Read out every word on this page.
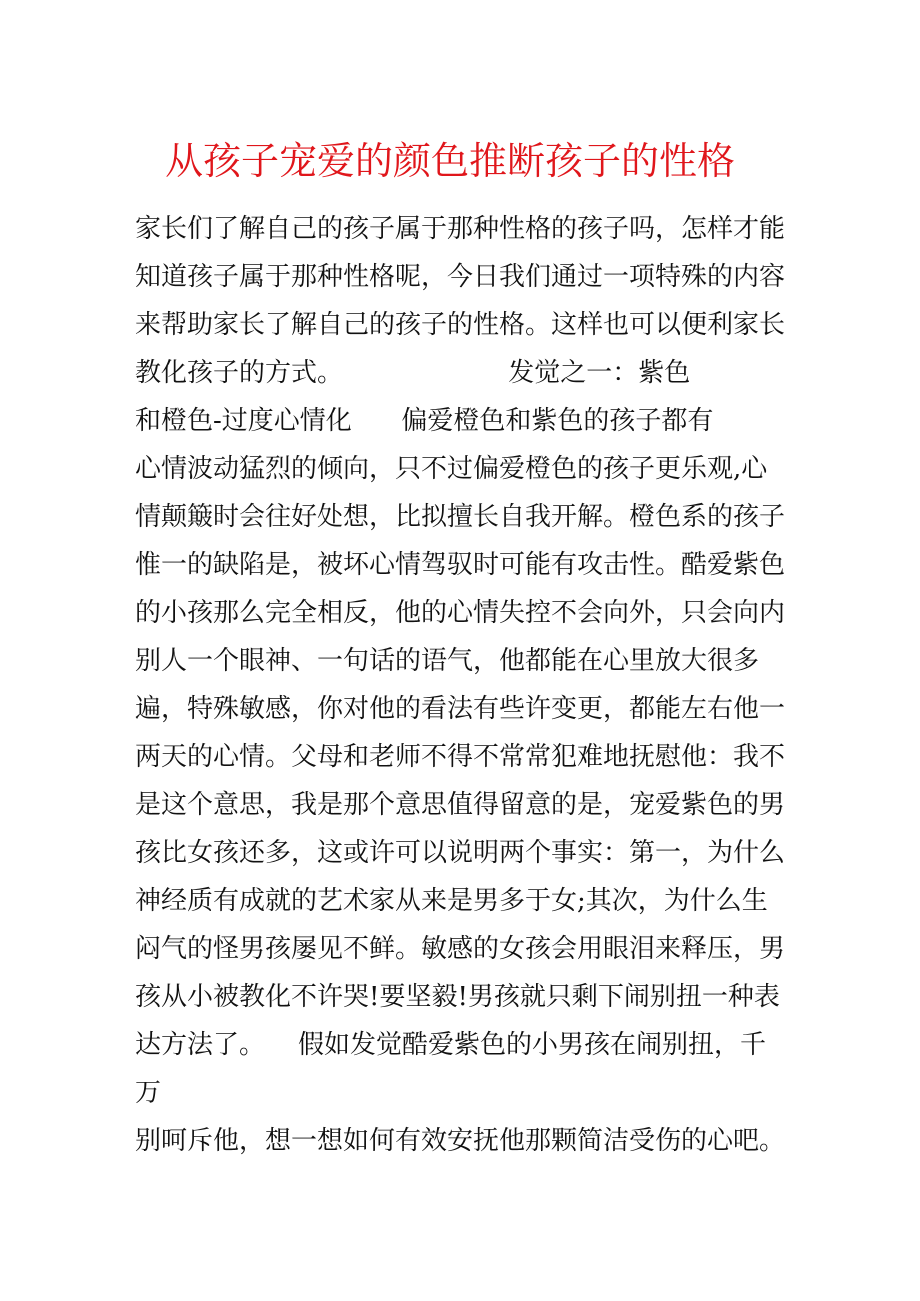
从孩子宠爱的颜色推断孩子的性格
家长们了解自己的孩子属于那种性格的孩子吗，怎样才能
知道孩子属于那种性格呢，今日我们通过一项特殊的内容
来帮助家长了解自己的孩子的性格。这样也可以便利家长
教化孩子的方式。                    发觉之一：紫色
和橙色-过度心情化      偏爱橙色和紫色的孩子都有
心情波动猛烈的倾向，只不过偏爱橙色的孩子更乐观,心
情颠簸时会往好处想，比拟擅长自我开解。橙色系的孩子
惟一的缺陷是，被坏心情驾驭时可能有攻击性。酷爱紫色
的小孩那么完全相反，他的心情失控不会向外，只会向内
别人一个眼神、一句话的语气，他都能在心里放大很多
遍，特殊敏感，你对他的看法有些许变更，都能左右他一
两天的心情。父母和老师不得不常常犯难地抚慰他：我不
是这个意思，我是那个意思值得留意的是，宠爱紫色的男
孩比女孩还多，这或许可以说明两个事实：第一，为什么
神经质有成就的艺术家从来是男多于女;其次，为什么生
闷气的怪男孩屡见不鲜。敏感的女孩会用眼泪来释压，男
孩从小被教化不许哭!要坚毅!男孩就只剩下闹别扭一种表
达方法了。    假如发觉酷爱紫色的小男孩在闹别扭，千
万
别呵斥他，想一想如何有效安抚他那颗简洁受伤的心吧。
